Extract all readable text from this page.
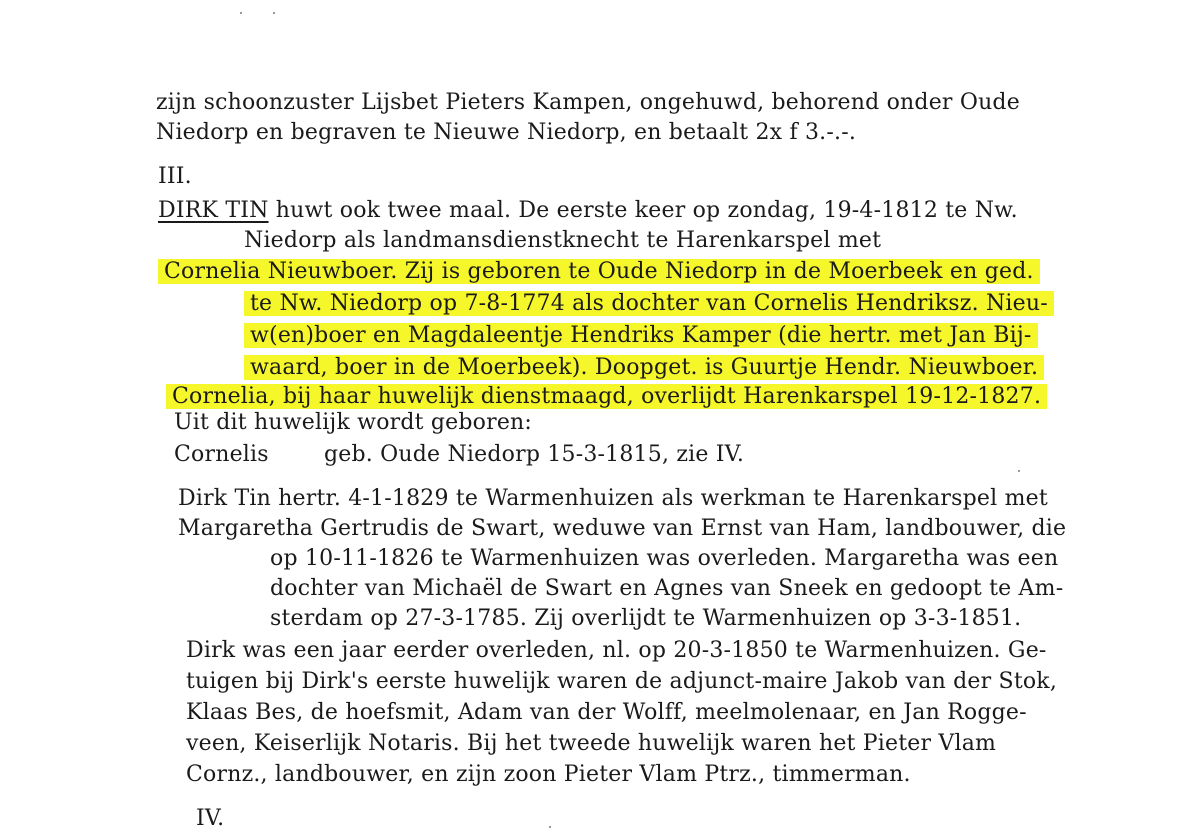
zijn schoonzuster Lijsbet Pieters Kampen, ongehuwd, behorend onder Oude
Niedorp en begraven te Nieuwe Niedorp, en betaalt 2x f 3.-.-.
III.
DIRK TIN huwt ook twee maal. De eerste keer op zondag, 19-4-1812 te Nw.
Niedorp als landmansdienstknecht te Harenkarspel met
Cornelia Nieuwboer. Zij is geboren te Oude Niedorp in de Moerbeek en ged.
te Nw. Niedorp op 7-8-1774 als dochter van Cornelis Hendriksz. Nieu-
w(en)boer en Magdaleentje Hendriks Kamper (die hertr. met Jan Bij-
waard, boer in de Moerbeek). Doopget. is Guurtje Hendr. Nieuwboer.
Cornelia, bij haar huwelijk dienstmaagd, overlijdt Harenkarspel 19-12-1827.
Uit dit huwelijk wordt geboren:
Cornelis	geb. Oude Niedorp 15-3-1815, zie IV.
Dirk Tin hertr. 4-1-1829 te Warmenhuizen als werkman te Harenkarspel met
Margaretha Gertrudis de Swart, weduwe van Ernst van Ham, landbouwer, die
op 10-11-1826 te Warmenhuizen was overleden. Margaretha was een
dochter van Michaël de Swart en Agnes van Sneek en gedoopt te Am-
sterdam op 27-3-1785. Zij overlijdt te Warmenhuizen op 3-3-1851.
Dirk was een jaar eerder overleden, nl. op 20-3-1850 te Warmenhuizen. Ge-
tuigen bij Dirk's eerste huwelijk waren de adjunct-maire Jakob van der Stok,
Klaas Bes, de hoefsmit, Adam van der Wolff, meelmolenaar, en Jan Rogge-
veen, Keiserlijk Notaris. Bij het tweede huwelijk waren het Pieter Vlam
Cornz., landbouwer, en zijn zoon Pieter Vlam Ptrz., timmerman.
IV.
